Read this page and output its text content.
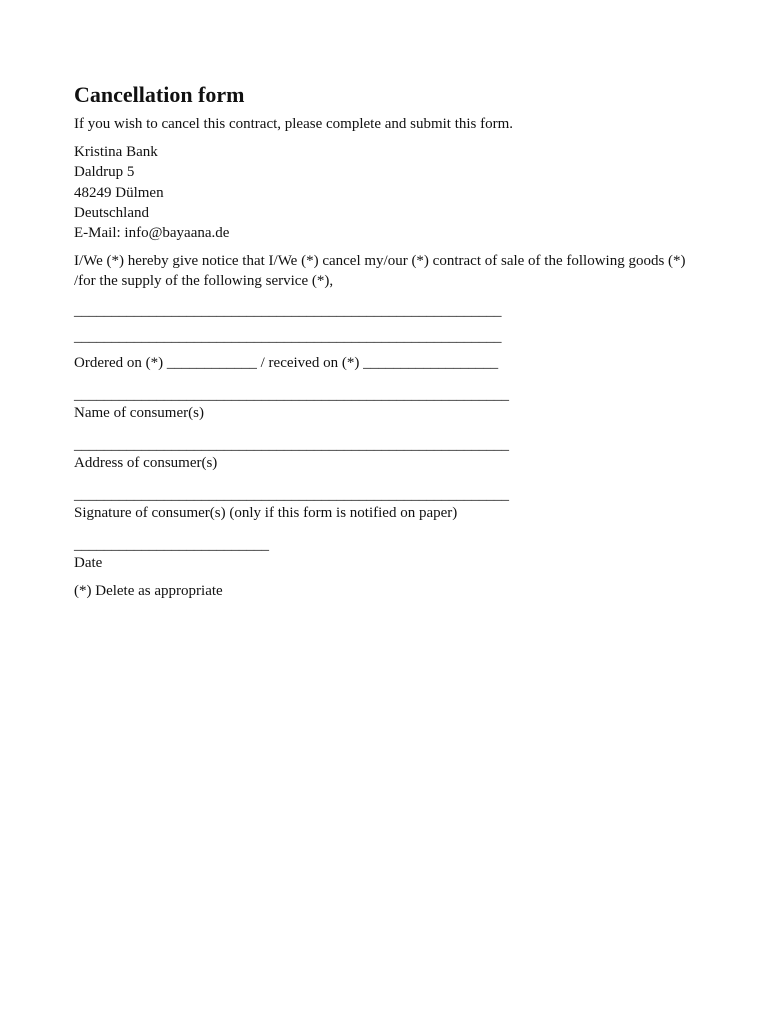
Cancellation form

If you wish to cancel this contract, please complete and submit this form.

Kristina Bank
Daldrup 5
48249 Dülmen
Deutschland
E-Mail: info@bayaana.de

I/We (*) hereby give notice that I/We (*) cancel my/our (*) contract of sale of the following goods (*) /for the supply of the following service (*),

_________________________________________________________
_________________________________________________________
Ordered on (*) ____________ / received on (*) __________________
__________________________________________________________
Name of consumer(s)
__________________________________________________________
Address of consumer(s)
__________________________________________________________
Signature of consumer(s) (only if this form is notified on paper)
__________________________
Date
(*) Delete as appropriate
